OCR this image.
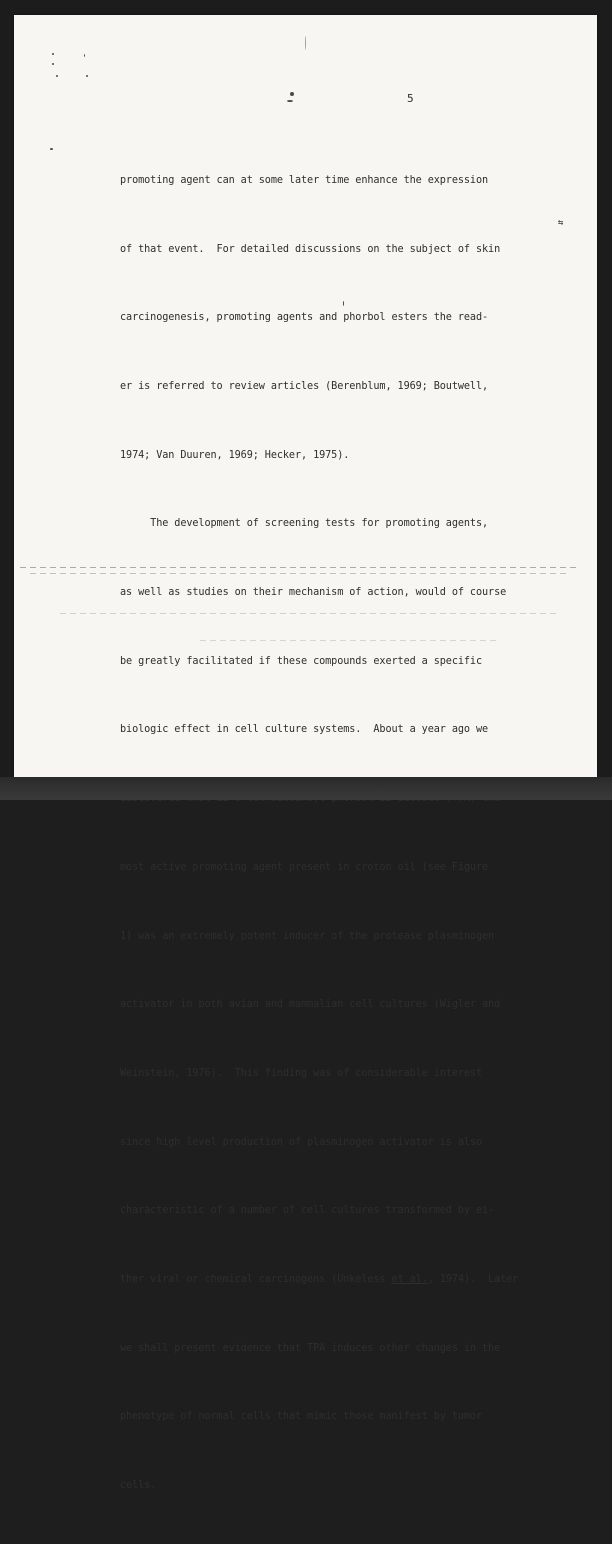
5
⇆

promoting agent can at some later time enhance the expression

of that event.  For detailed discussions on the subject of skin

carcinogenesis, promoting agents and phorbol esters the read-

er is referred to review articles (Berenblum, 1969; Boutwell,

1974; Van Duuren, 1969; Hecker, 1975).

The development of screening tests for promoting agents,

as well as studies on their mechanism of action, would of course

be greatly facilitated if these compounds exerted a specific

biologic effect in cell culture systems.  About a year ago we

most active promoting agent present in croton oil (see Figure

1) was an extremely potent inducer of the protease plasminogen

activator in both avian and mammalian cell cultures (Wigler and

Weinstein, 1976).  This finding was of considerable interest

since high level production of plasminogen activator is also

characteristic of a number of cell cultures transformed by ei-

ther viral or chemical carcinogens (Unkeless et al., 1974).  Later

we shall present evidence that TPA induces other changes in the

phenotype of normal cells that mimic those manifest by tumor

cells.
